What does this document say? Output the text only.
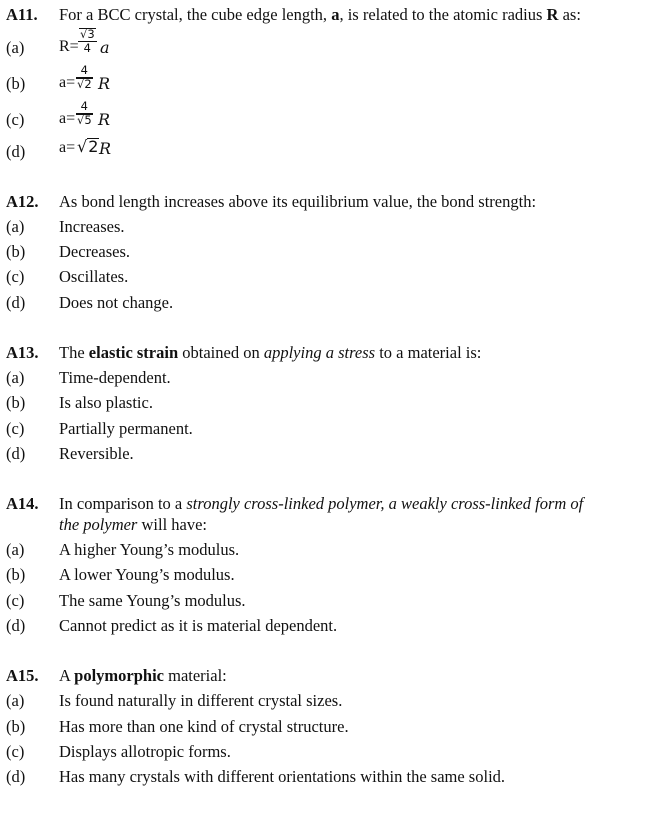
A11. For a BCC crystal, the cube edge length, a, is related to the atomic radius R as:
(a) $R= \frac{√3}{4}$ a
(b) $a= \frac{4}{√2}$ R
(c) $a= \frac{4}{√5}$ R
(d) a= √2 R
A12. As bond length increases above its equilibrium value, the bond strength:
(a) Increases.
(b) Decreases.
(c) Oscillates.
(d) Does not change.
A13. The elastic strain obtained on applying a stress to a material is:
(a) Time-dependent.
(b) Is also plastic.
(c) Partially permanent.
(d) Reversible.
A14. In comparison to a strongly cross-linked polymer, a weakly cross-linked form of
the polymer will have:
(a) A higher Young’s modulus.
(b) A lower Young’s modulus.
(c) The same Young’s modulus.
(d) Cannot predict as it is material dependent.
A15. A polymorphic material:
(a) Is found naturally in different crystal sizes.
(b) Has more than one kind of crystal structure.
(c) Displays allotropic forms.
(d) Has many crystals with different orientations within the same solid.
